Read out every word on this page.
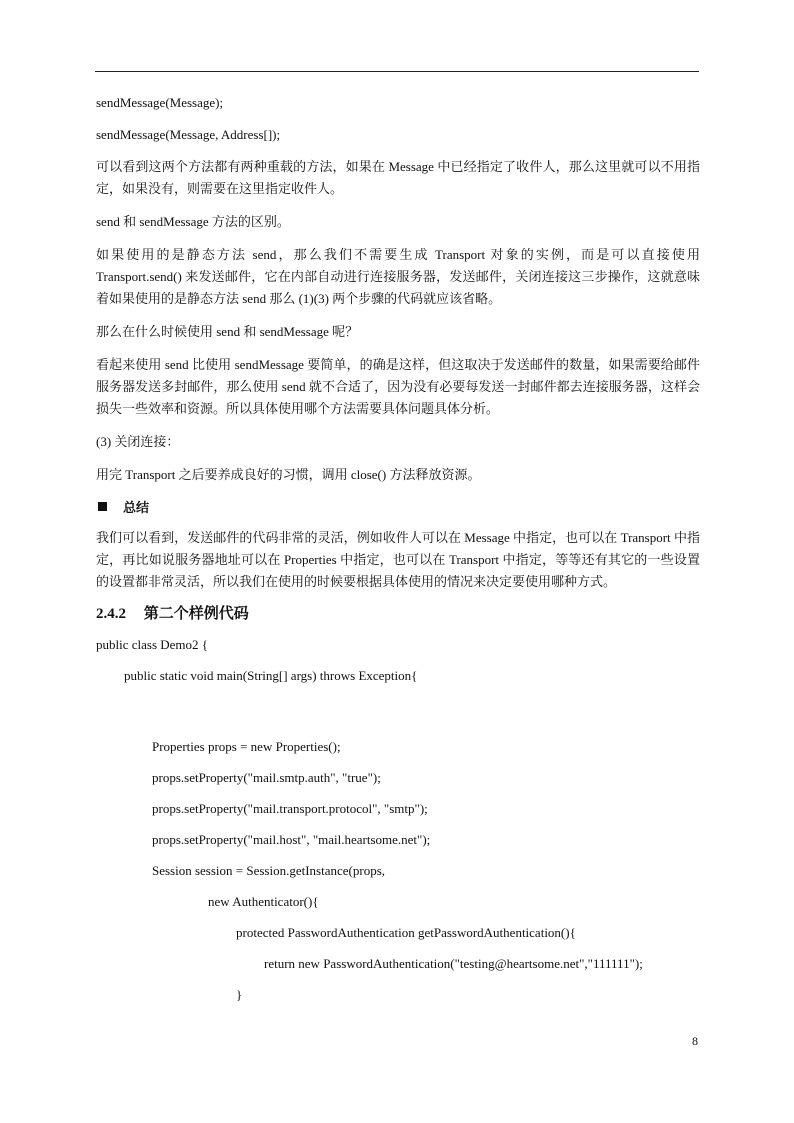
sendMessage(Message);

sendMessage(Message, Address[]);

可以看到这两个方法都有两种重载的方法，如果在 Message 中已经指定了收件人，那么这里就可以不用指定，如果没有，则需要在这里指定收件人。

send 和 sendMessage 方法的区别。

如果使用的是静态方法 send，那么我们不需要生成 Transport 对象的实例，而是可以直接使用 Transport.send() 来发送邮件，它在内部自动进行连接服务器，发送邮件，关闭连接这三步操作，这就意味着如果使用的是静态方法 send 那么 (1)(3) 两个步骤的代码就应该省略。

那么在什么时候使用 send 和 sendMessage 呢？

看起来使用 send 比使用 sendMessage 要简单，的确是这样，但这取决于发送邮件的数量，如果需要给邮件服务器发送多封邮件，那么使用 send 就不合适了，因为没有必要每发送一封邮件都去连接服务器，这样会损失一些效率和资源。所以具体使用哪个方法需要具体问题具体分析。

(3) 关闭连接：

用完 Transport 之后要养成良好的习惯，调用 close() 方法释放资源。

总结

我们可以看到，发送邮件的代码非常的灵活，例如收件人可以在 Message 中指定，也可以在 Transport 中指定，再比如说服务器地址可以在 Properties 中指定，也可以在 Transport 中指定，等等还有其它的一些设置的设置都非常灵活，所以我们在使用的时候要根据具体使用的情况来决定要使用哪种方式。

2.4.2 第二个样例代码

public class Demo2 {

public static void main(String[] args) throws Exception{

Properties props = new Properties();

props.setProperty("mail.smtp.auth", "true");

props.setProperty("mail.transport.protocol", "smtp");

props.setProperty("mail.host", "mail.heartsome.net");

Session session = Session.getInstance(props,

new Authenticator(){

protected PasswordAuthentication getPasswordAuthentication(){

return new PasswordAuthentication("testing@heartsome.net","111111");

}

8
